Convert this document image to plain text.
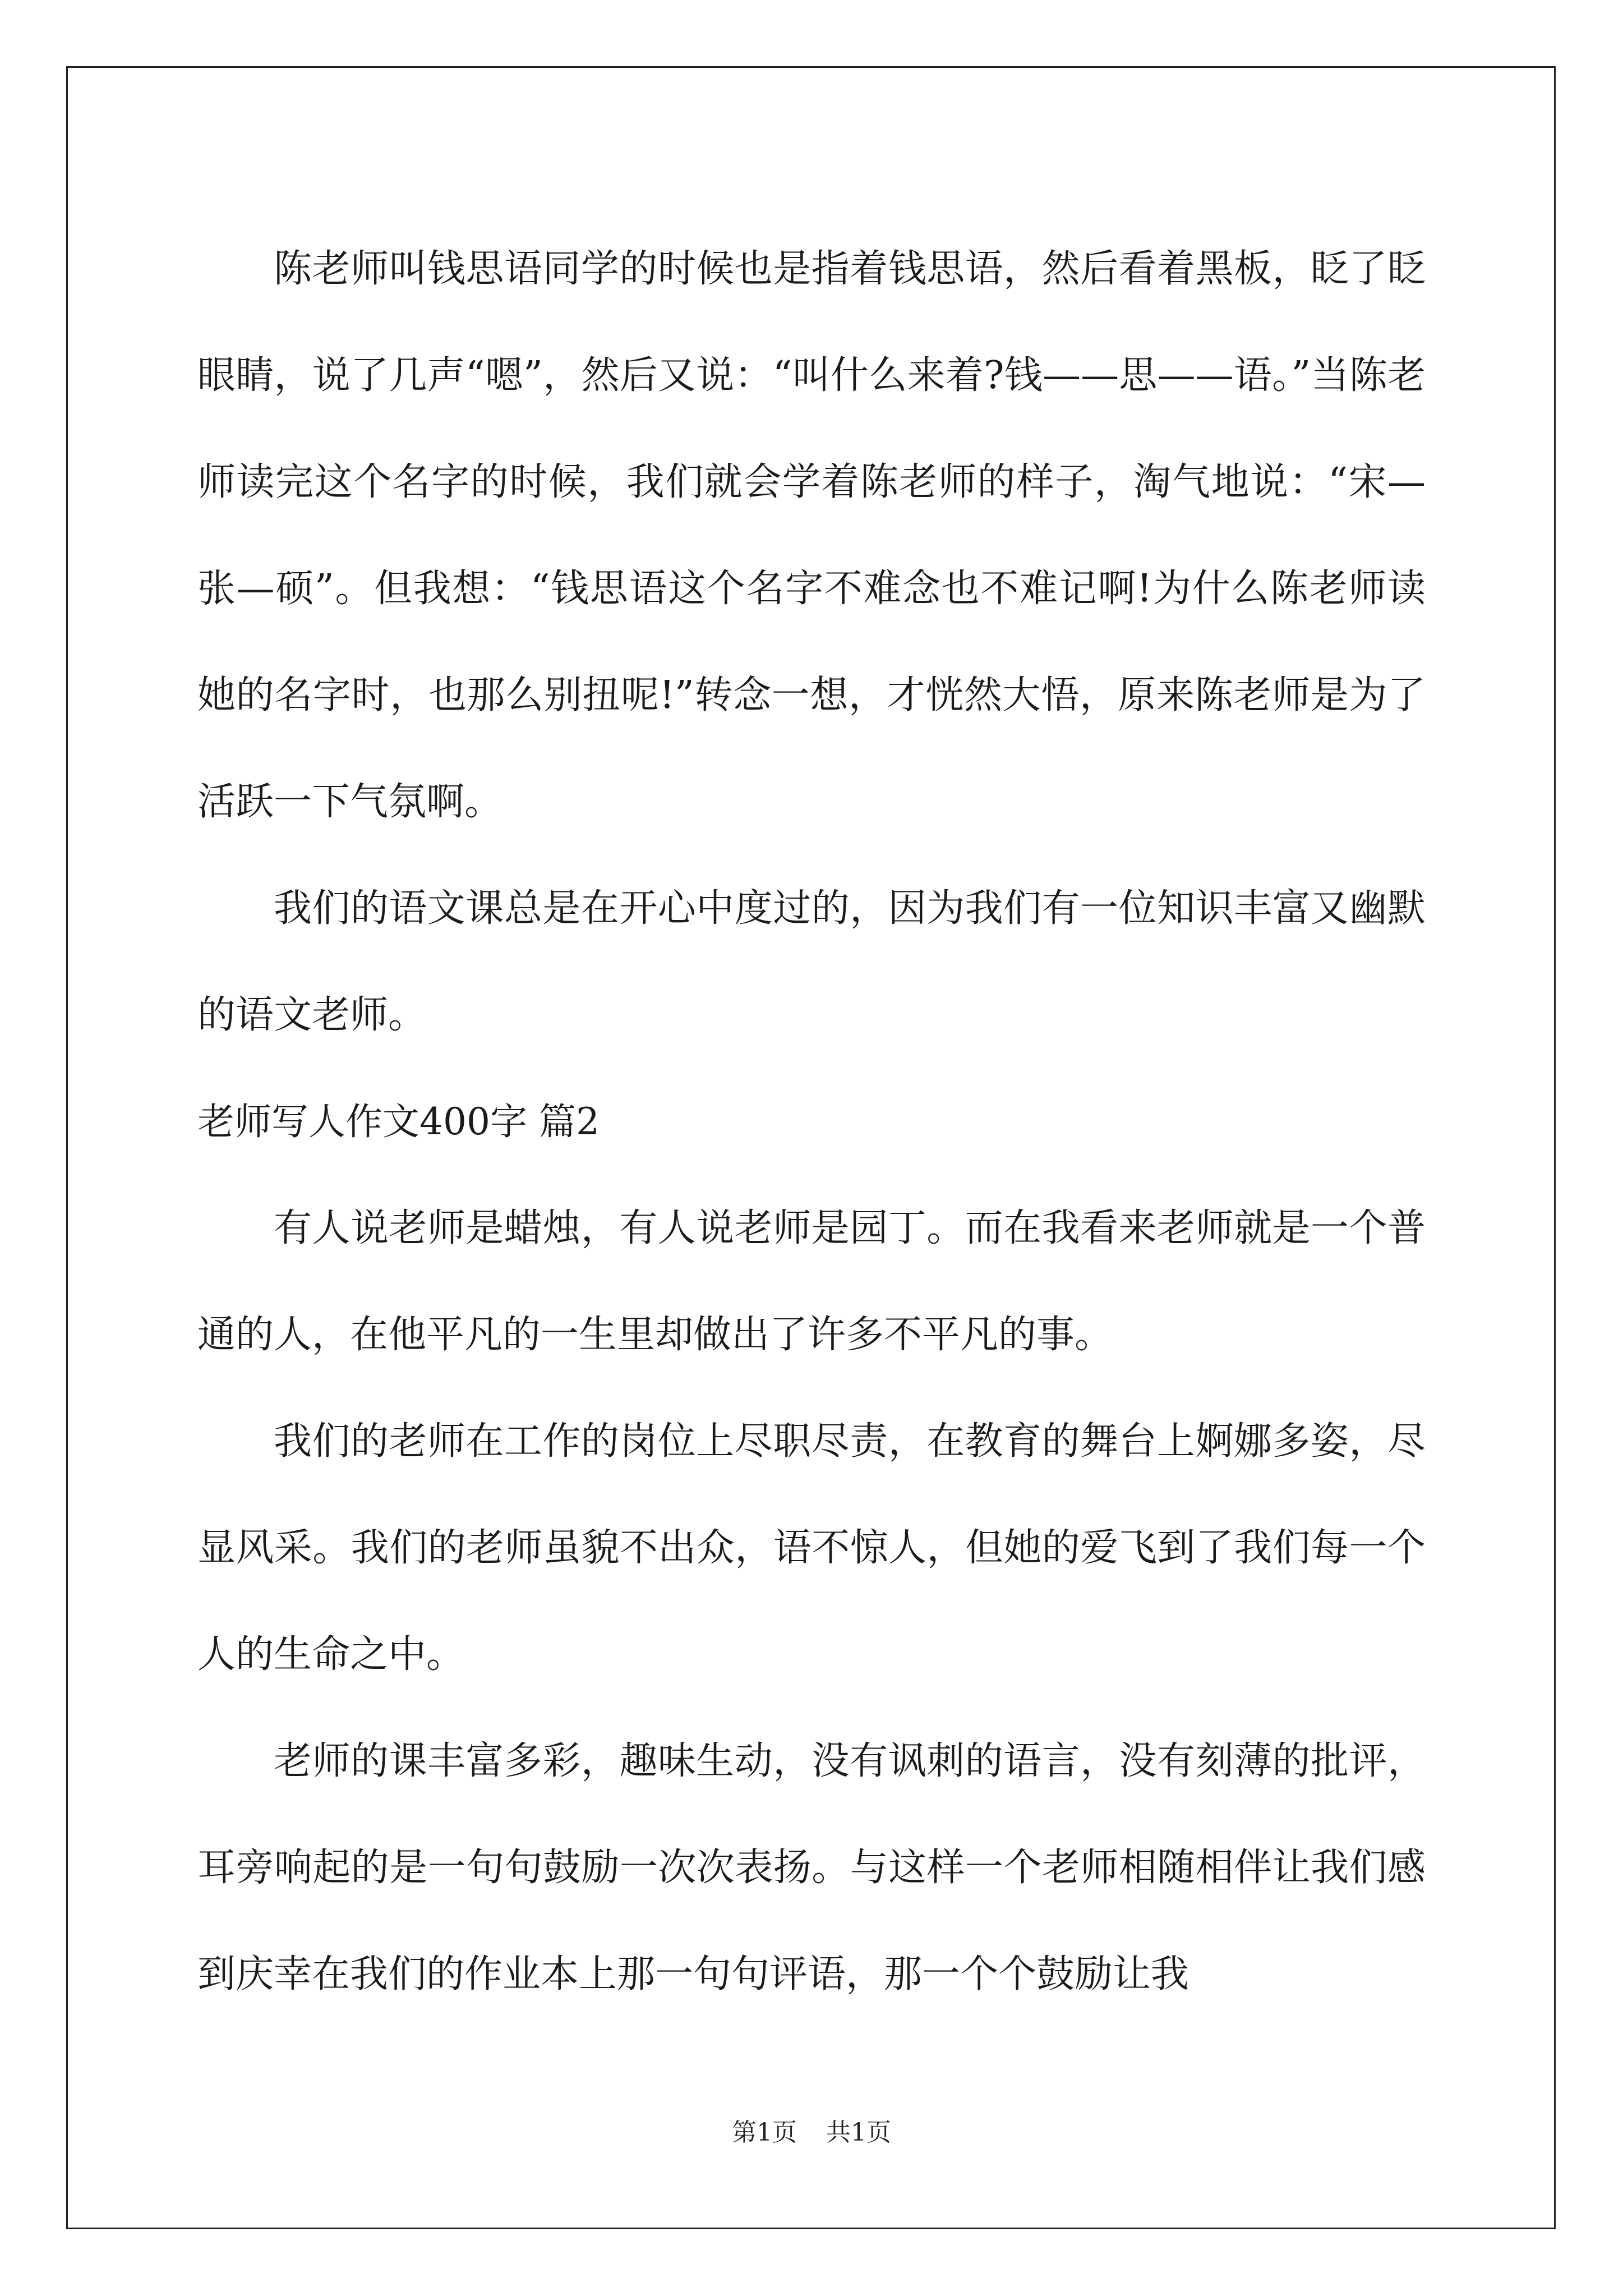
陈老师叫钱思语同学的时候也是指着钱思语，然后看着黑板，眨了眨眼睛，说了几声“嗯”，然后又说：“叫什么来着?钱——思——语。”当陈老师读完这个名字的时候，我们就会学着陈老师的样子，淘气地说：“宋—张—硕”。但我想：“钱思语这个名字不难念也不难记啊!为什么陈老师读她的名字时，也那么别扭呢!”转念一想，才恍然大悟，原来陈老师是为了活跃一下气氛啊。

我们的语文课总是在开心中度过的，因为我们有一位知识丰富又幽默的语文老师。

老师写人作文400字 篇2

有人说老师是蜡烛，有人说老师是园丁。而在我看来老师就是一个普通的人，在他平凡的一生里却做出了许多不平凡的事。

我们的老师在工作的岗位上尽职尽责，在教育的舞台上婀娜多姿，尽显风采。我们的老师虽貌不出众，语不惊人，但她的爱飞到了我们每一个人的生命之中。

老师的课丰富多彩，趣味生动，没有讽刺的语言，没有刻薄的批评，耳旁响起的是一句句鼓励一次次表扬。与这样一个老师相随相伴让我们感到庆幸在我们的作业本上那一句句评语，那一个个鼓励让我

第1页 共1页
